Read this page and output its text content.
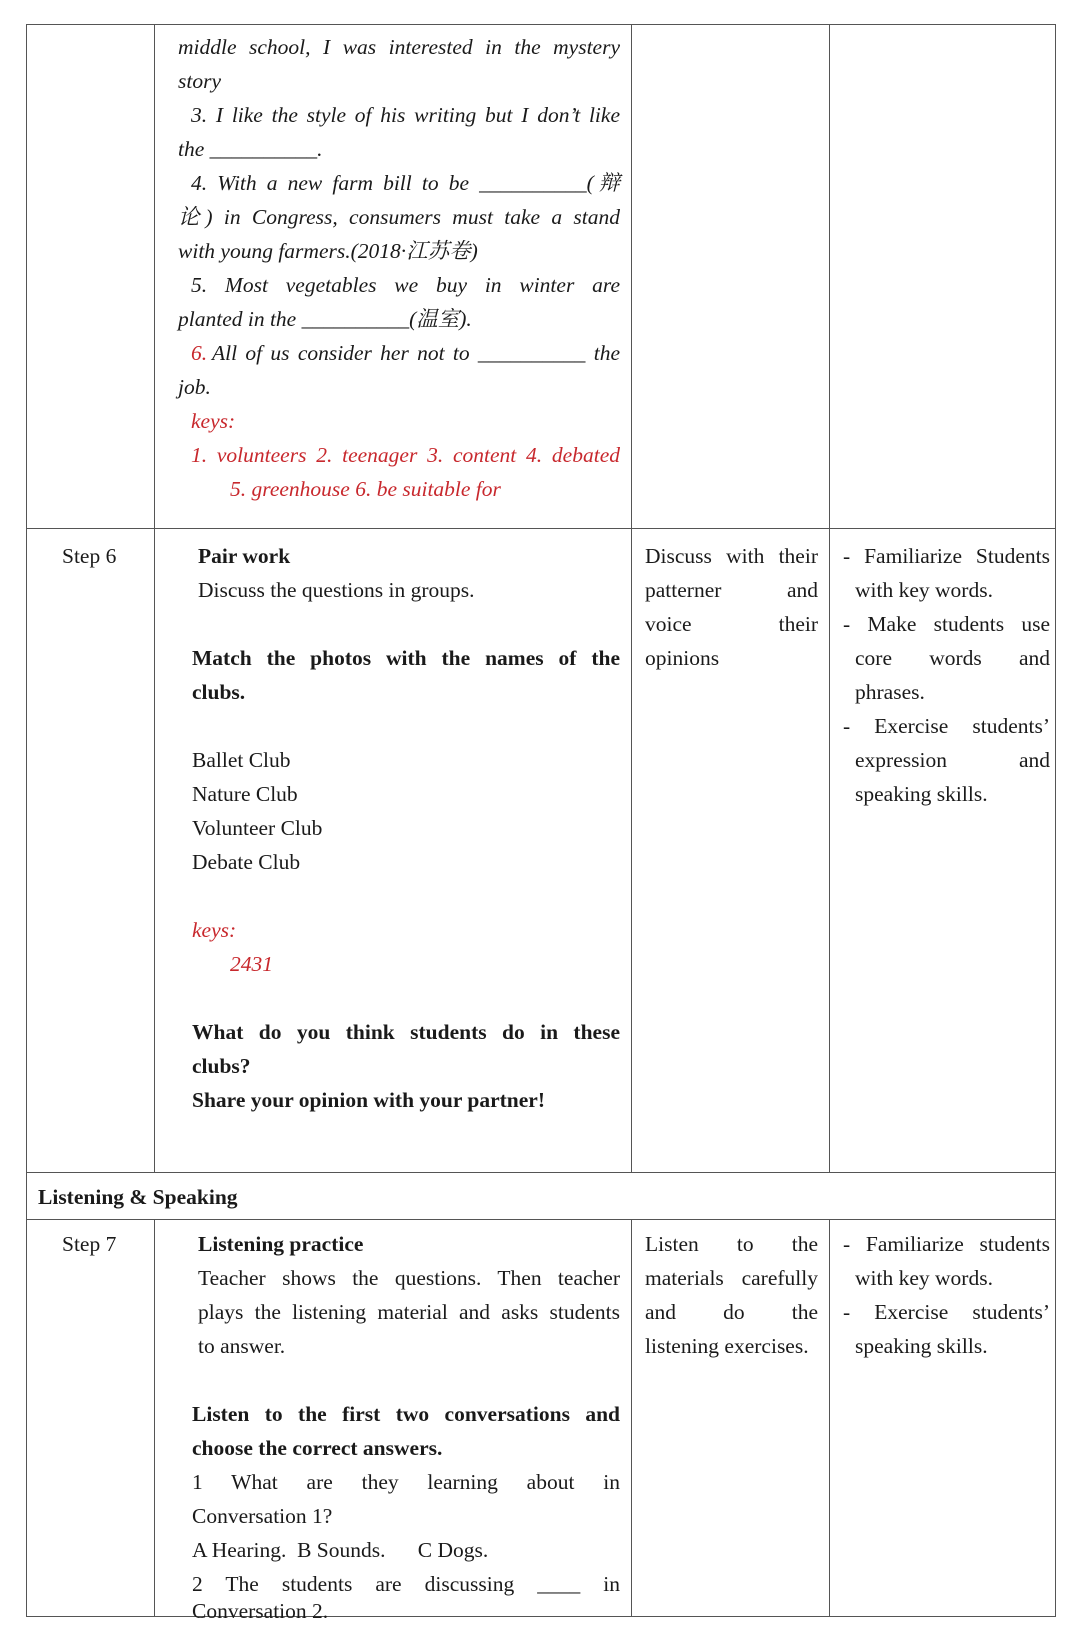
middle school, I was interested in the mystery
story
3. I like the style of his writing but I don’t like
the __________.
4. With a new farm bill to be __________(辩
论) in Congress, consumers must take a stand
with young farmers.(2018·江苏卷)
5. Most vegetables we buy in winter are
planted in the __________(温室).
6. All of us consider her not to __________ the
job.
keys:
1. volunteers 2. teenager 3. content 4. debated
5. greenhouse 6. be suitable for
Step 6	Pair work
Discuss the questions in groups.
Match the photos with the names of the
clubs.
Ballet Club
Nature Club
Volunteer Club
Debate Club
keys:
2431
What do you think students do in these
clubs?
Share your opinion with your partner!
Discuss with their
patterner and
voice their
opinions
- Familiarize Students
with key words.
- Make students use
core words and
phrases.
- Exercise students’
expression and
speaking skills.
Listening & Speaking
Step 7	Listening practice
Teacher shows the questions. Then teacher
plays the listening material and asks students
to answer.
Listen to the first two conversations and
choose the correct answers.
1 What are they learning about in
Conversation 1?
A Hearing.  B Sounds.      C Dogs.
2 The students are discussing ____ in
Conversation 2.
Listen to the
materials carefully
and do the
listening exercises.
- Familiarize students
with key words.
- Exercise students’
speaking skills.
